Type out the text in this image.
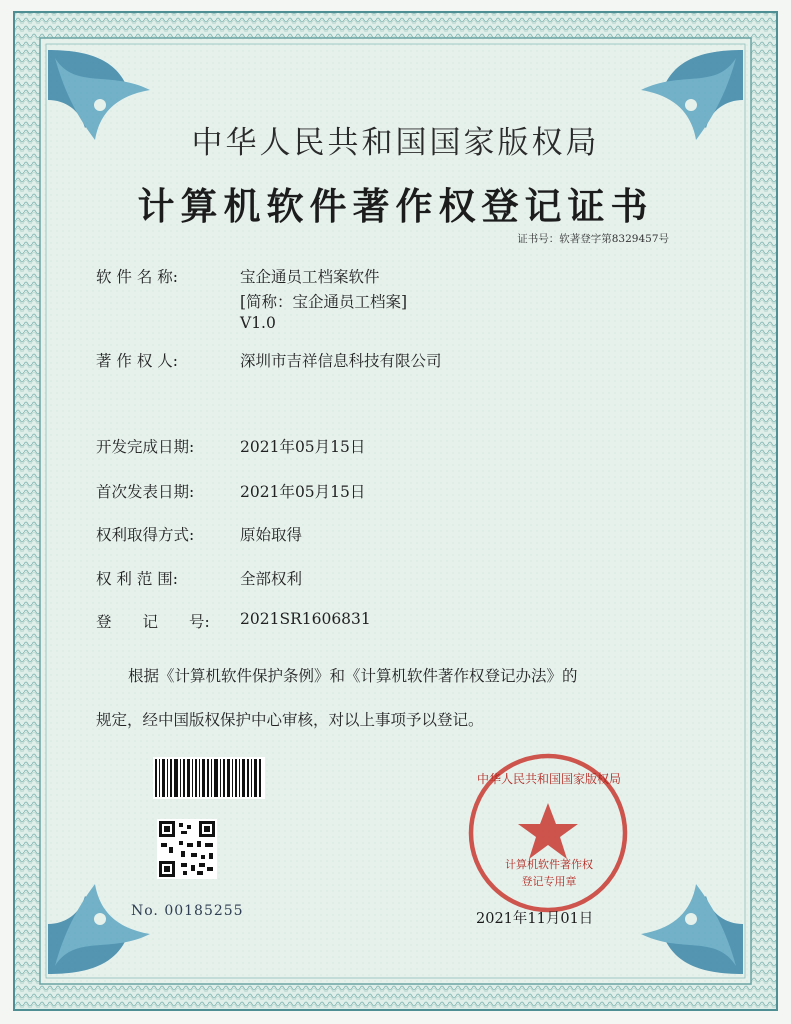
中华人民共和国国家版权局
计算机软件著作权登记证书
证书号：软著登字第8329457号
软 件 名 称:	宝企通员工档案软件
[简称：宝企通员工档案]
V1.0
著 作 权 人:	深圳市吉祥信息科技有限公司
开发完成日期:	2021年05月15日
首次发表日期:	2021年05月15日
权利取得方式:	原始取得
权 利 范 围:	全部权利
登　　记　　号: 2021SR1606831
根据《计算机软件保护条例》和《计算机软件著作权登记办法》的
规定，经中国版权保护中心审核，对以上事项予以登记。
No. 00185255
中华人民共和国国家版权局
计算机软件著作权
登记专用章
2021年11月01日
